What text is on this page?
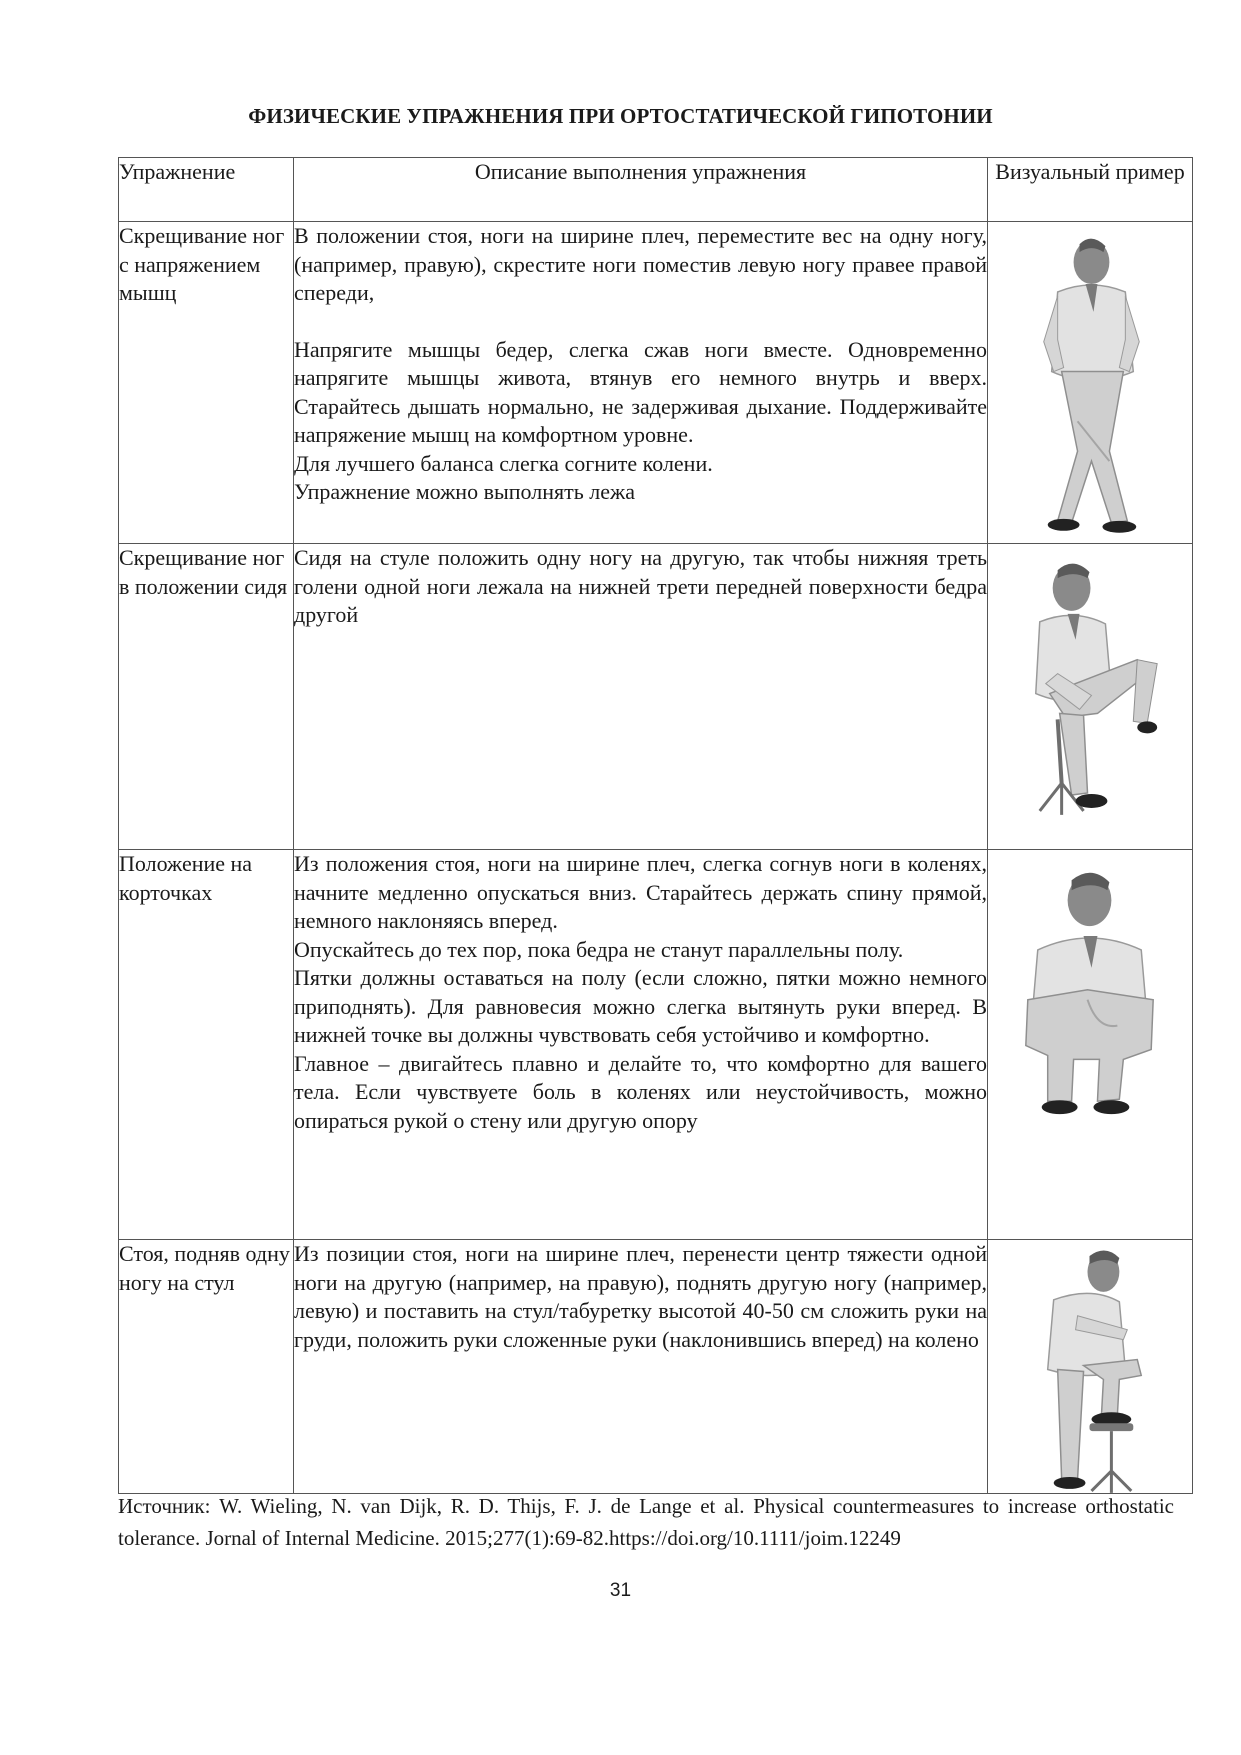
ФИЗИЧЕСКИЕ УПРАЖНЕНИЯ ПРИ ОРТОСТАТИЧЕСКОЙ ГИПОТОНИИ
Упражнение	Описание выполнения упражнения	Визуальный пример
Скрещивание ног с напряжением мышц	В положении стоя, ноги на ширине плеч, переместите вес на одну ногу, (например, правую), скрестите ноги поместив левую ногу правее правой спереди,

Напрягите мышцы бедер, слегка сжав ноги вместе. Одновременно напрягите мышцы живота, втянув его немного внутрь и вверх. Старайтесь дышать нормально, не задерживая дыхание. Поддерживайте напряжение мышц на комфортном уровне.

Для лучшего баланса слегка согните колени.

Упражнение можно выполнять лежа

Скрещивание ног в положении сидя	Сидя на стуле положить одну ногу на другую, так чтобы нижняя треть голени одной ноги лежала на нижней трети передней поверхности бедра другой

Положение на корточках	Из положения стоя, ноги на ширине плеч, слегка согнув ноги в коленях, начните медленно опускаться вниз. Старайтесь держать спину прямой, немного наклоняясь вперед.

Опускайтесь до тех пор, пока бедра не станут параллельны полу.

Пятки должны оставаться на полу (если сложно, пятки можно немного приподнять). Для равновесия можно слегка вытянуть руки вперед. В нижней точке вы должны чувствовать себя устойчиво и комфортно.

Главное – двигайтесь плавно и делайте то, что комфортно для вашего тела. Если чувствуете боль в коленях или неустойчивость, можно опираться рукой о стену или другую опору

Стоя, подняв одну ногу на стул	Из позиции стоя, ноги на ширине плеч, перенести центр тяжести одной ноги на другую (например, на правую), поднять другую ногу (например, левую) и поставить на стул/табуретку высотой 40-50 см сложить руки на груди, положить руки сложенные руки (наклонившись вперед) на колено

Источник: W. Wieling, N. van Dijk, R. D. Thijs, F. J. de Lange et al. Physical countermeasures to increase orthostatic tolerance. Jornal of Internal Medicine. 2015;277(1):69-82.https://doi.org/10.1111/joim.12249
31
